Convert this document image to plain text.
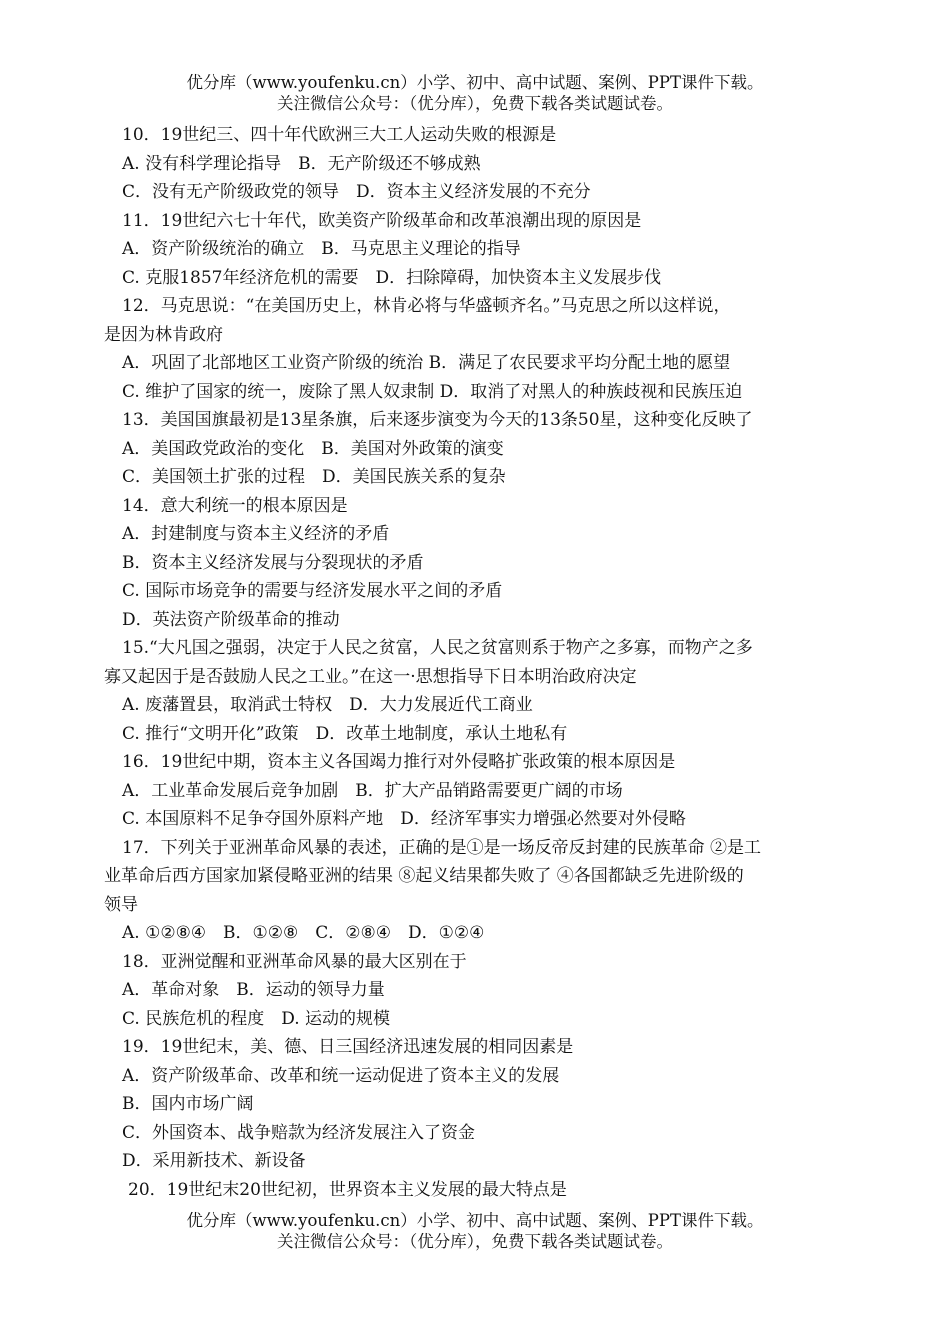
优分库（www.youfenku.cn）小学、初中、高中试题、案例、PPT课件下载。
关注微信公众号：（优分库），免费下载各类试题试卷。
10．19世纪三、四十年代欧洲三大工人运动失败的根源是
A. 没有科学理论指导　B．无产阶级还不够成熟
C．没有无产阶级政党的领导　D．资本主义经济发展的不充分
11．19世纪六七十年代，欧美资产阶级革命和改革浪潮出现的原因是
A．资产阶级统治的确立　B．马克思主义理论的指导
C. 克服1857年经济危机的需要　D．扫除障碍，加快资本主义发展步伐
12．马克思说：“在美国历史上，林肯必将与华盛顿齐名。”马克思之所以这样说，
是因为林肯政府
A．巩固了北部地区工业资产阶级的统治 B．满足了农民要求平均分配土地的愿望
C. 维护了国家的统一，废除了黑人奴隶制 D．取消了对黑人的种族歧视和民族压迫
13．美国国旗最初是13星条旗，后来逐步演变为今天的13条50星，这种变化反映了
A．美国政党政治的变化　B．美国对外政策的演变
C．美国领土扩张的过程　D．美国民族关系的复杂
14．意大利统一的根本原因是
A．封建制度与资本主义经济的矛盾
B．资本主义经济发展与分裂现状的矛盾
C. 国际市场竞争的需要与经济发展水平之间的矛盾
D．英法资产阶级革命的推动
15.“大凡国之强弱，决定于人民之贫富，人民之贫富则系于物产之多寡，而物产之多
寡又起因于是否鼓励人民之工业。”在这一·思想指导下日本明治政府决定
A. 废藩置县，取消武士特权　D．大力发展近代工商业
C. 推行“文明开化”政策　D．改革土地制度，承认土地私有
16．19世纪中期，资本主义各国竭力推行对外侵略扩张政策的根本原因是
A．工业革命发展后竞争加剧　B．扩大产品销路需要更广阔的市场
C. 本国原料不足争夺国外原料产地　D．经济军事实力增强必然要对外侵略
17．下列关于亚洲革命风暴的表述，正确的是①是一场反帝反封建的民族革命 ②是工
业革命后西方国家加紧侵略亚洲的结果 ⑧起义结果都失败了 ④各国都缺乏先进阶级的
领导
A. ①②⑧④　B．①②⑧　C．②⑧④　D．①②④
18．亚洲觉醒和亚洲革命风暴的最大区别在于
A．革命对象　B．运动的领导力量
C. 民族危机的程度　D. 运动的规模
19．19世纪末，美、德、日三国经济迅速发展的相同因素是
A．资产阶级革命、改革和统一运动促进了资本主义的发展
B．国内市场广阔
C．外国资本、战争赔款为经济发展注入了资金
D．采用新技术、新设备
20．19世纪末20世纪初，世界资本主义发展的最大特点是
优分库（www.youfenku.cn）小学、初中、高中试题、案例、PPT课件下载。
关注微信公众号：（优分库），免费下载各类试题试卷。
